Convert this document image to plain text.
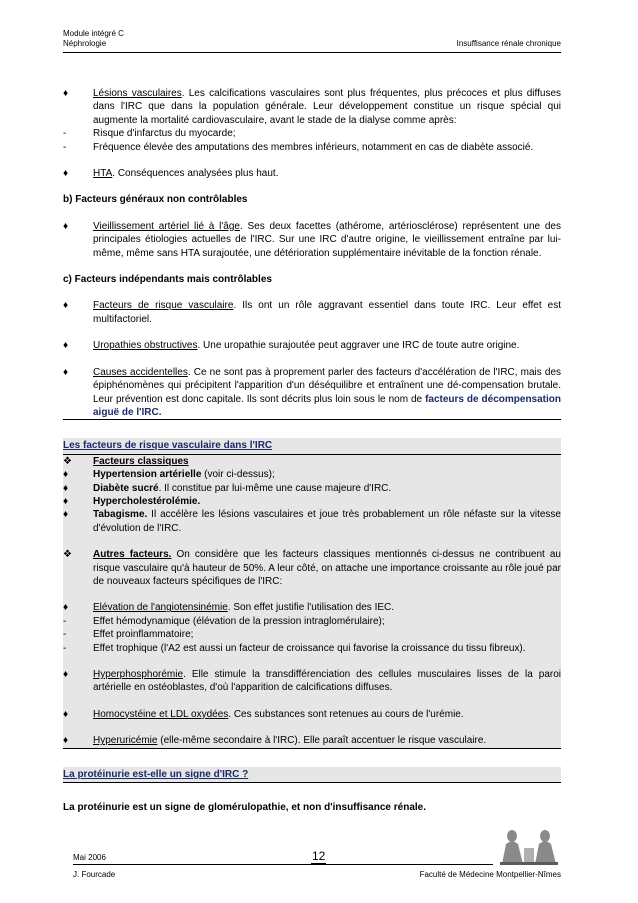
Module intégré C
Néphrologie	Insuffisance rénale chronique
♦	Lésions vasculaires. Les calcifications vasculaires sont plus fréquentes, plus précoces et plus diffuses dans l'IRC que dans la population générale. Leur développement constitue un risque spécial qui augmente la mortalité cardiovasculaire, avant le stade de la dialyse comme après:
-	Risque d'infarctus du myocarde;
-	Fréquence élevée des amputations des membres inférieurs, notamment en cas de diabète associé.
♦	HTA. Conséquences analysées plus haut.
b) Facteurs généraux non contrôlables
♦	Vieillissement artériel lié à l'âge. Ses deux facettes (athérome, artériosclérose) représentent une des principales étiologies actuelles de l'IRC. Sur une IRC d'autre origine, le vieillissement entraîne par lui-même, même sans HTA surajoutée, une détérioration supplémentaire inévitable de la fonction rénale.
c) Facteurs indépendants mais contrôlables
♦	Facteurs de risque vasculaire. Ils ont un rôle aggravant essentiel dans toute IRC. Leur effet est multifactoriel.
♦	Uropathies obstructives. Une uropathie surajoutée peut aggraver une IRC de toute autre origine.
♦	Causes accidentelles. Ce ne sont pas à proprement parler des facteurs d'accélération de l'IRC, mais des épiphénomènes qui précipitent l'apparition d'un déséquilibre et entraînent une dé-compensation brutale. Leur prévention est donc capitale. Ils sont décrits plus loin sous le nom de facteurs de décompensation aiguë de l'IRC.
Les facteurs de risque vasculaire dans l'IRC
❖	Facteurs classiques
♦	Hypertension artérielle (voir ci-dessus);
♦	Diabète sucré. Il constitue par lui-même une cause majeure d'IRC.
♦	Hypercholestérolémie.
♦	Tabagisme. Il accélère les lésions vasculaires et joue très probablement un rôle néfaste sur la vitesse d'évolution de l'IRC.
❖	Autres facteurs. On considère que les facteurs classiques mentionnés ci-dessus ne contribuent au risque vasculaire qu'à hauteur de 50%. A leur côté, on attache une importance croissante au rôle joué par de nouveaux facteurs spécifiques de l'IRC:
♦	Elévation de l'angiotensinémie. Son effet justifie l'utilisation des IEC.
-	Effet hémodynamique (élévation de la pression intraglomérulaire);
-	Effet proinflammatoire;
-	Effet trophique (l'A2 est aussi un facteur de croissance qui favorise la croissance du tissu fibreux).
♦	Hyperphosphorémie. Elle stimule la transdifférenciation des cellules musculaires lisses de la paroi artérielle en ostéoblastes, d'où l'apparition de calcifications diffuses.
♦	Homocystéine et LDL oxydées. Ces substances sont retenues au cours de l'urémie.
♦	Hyperuricémie (elle-même secondaire à l'IRC). Elle paraît accentuer le risque vasculaire.
La protéinurie est-elle un signe d'IRC ?
La protéinurie est un signe de glomérulopathie, et non d'insuffisance rénale.
Mai 2006	12
J. Fourcade	Faculté de Médecine Montpellier-Nîmes
